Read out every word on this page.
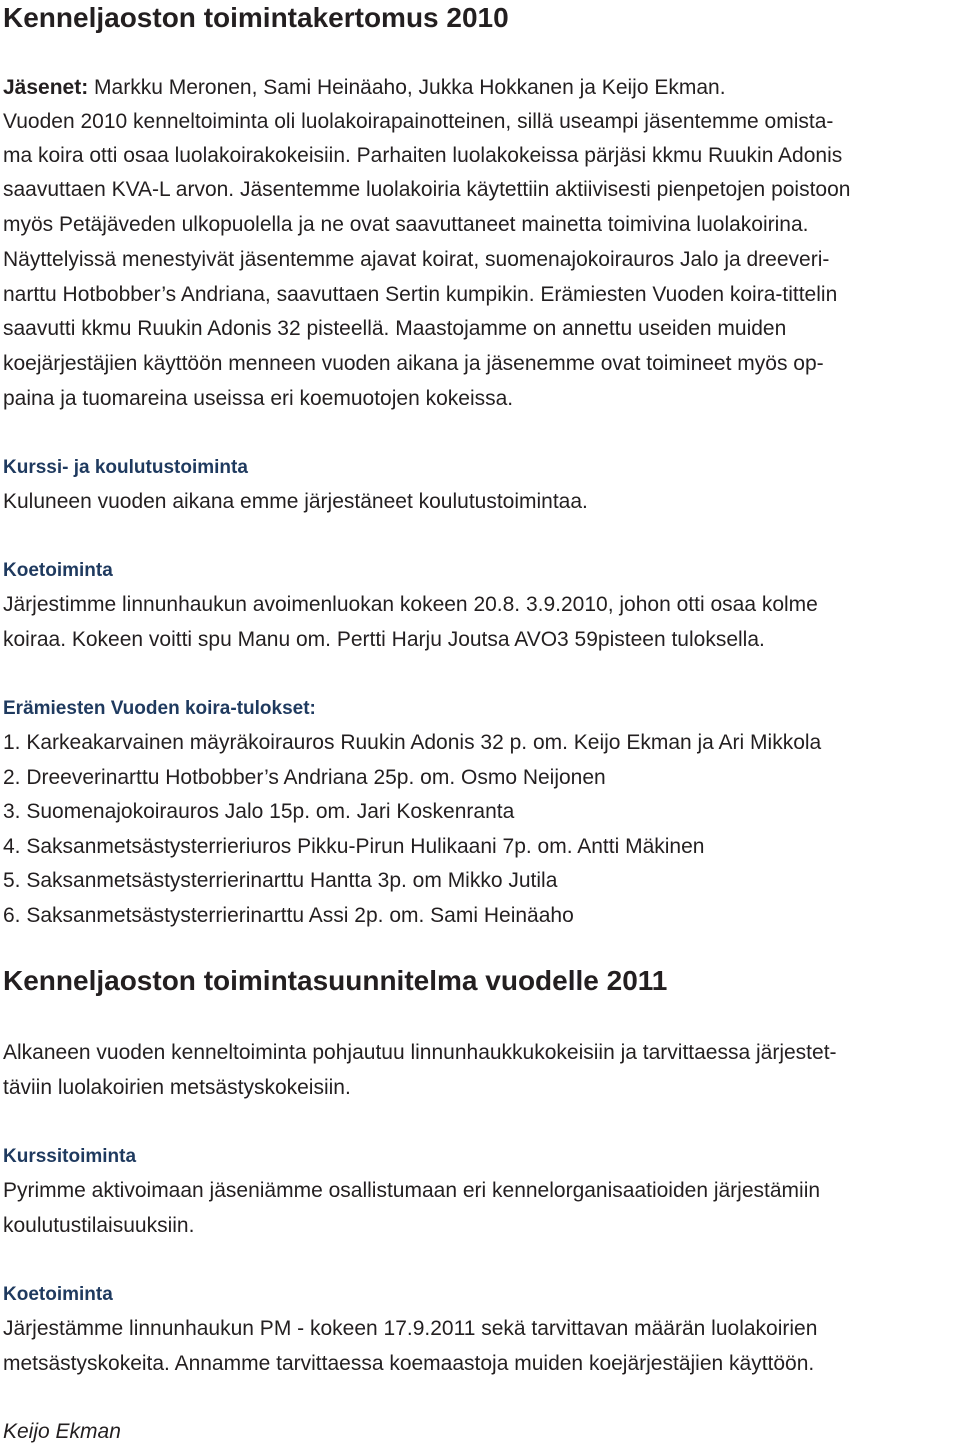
Kenneljaoston toimintakertomus 2010
Jäsenet: Markku Meronen, Sami Heinäaho, Jukka Hokkanen ja Keijo Ekman.
Vuoden 2010 kenneltoiminta oli luolakoirapainotteinen, sillä useampi jäsentemme omista-
ma koira otti osaa luolakoirakokeisiin. Parhaiten luolakokeissa pärjäsi kkmu Ruukin Adonis
saavuttaen KVA-L arvon. Jäsentemme luolakoiria käytettiin aktiivisesti pienpetojen poistoon
myös Petäjäveden ulkopuolella ja ne ovat saavuttaneet mainetta toimivina luolakoirina.
Näyttelyissä menestyivät jäsentemme ajavat koirat, suomenajokoirauros Jalo ja dreeveri-
narttu Hotbobber’s Andriana, saavuttaen Sertin kumpikin. Erämiesten Vuoden koira-tittelin
saavutti kkmu Ruukin Adonis 32 pisteellä. Maastojamme on annettu useiden muiden
koejärjestäjien käyttöön menneen vuoden aikana ja jäsenemme ovat toimineet myös op-
paina ja tuomareina useissa eri koemuotojen kokeissa.
Kurssi- ja koulutustoiminta
Kuluneen vuoden aikana emme järjestäneet koulutustoimintaa.
Koetoiminta
Järjestimme linnunhaukun avoimenluokan kokeen 20.8. 3.9.2010, johon otti osaa kolme
koiraa. Kokeen voitti spu Manu om. Pertti Harju Joutsa AVO3 59pisteen tuloksella.
Erämiesten Vuoden koira-tulokset:
1. Karkeakarvainen mäyräkoirauros Ruukin Adonis 32 p. om. Keijo Ekman ja Ari Mikkola
2. Dreeverinarttu Hotbobber’s Andriana 25p. om. Osmo Neijonen
3. Suomenajokoirauros Jalo 15p. om. Jari Koskenranta
4. Saksanmetsästysterrieriuros Pikku-Pirun Hulikaani 7p. om. Antti Mäkinen
5. Saksanmetsästysterrierinarttu Hantta 3p. om Mikko Jutila
6. Saksanmetsästysterrierinarttu Assi 2p. om. Sami Heinäaho
Kenneljaoston toimintasuunnitelma vuodelle 2011
Alkaneen vuoden kenneltoiminta pohjautuu linnunhaukkukokeisiin ja tarvittaessa järjestet-
täviin luolakoirien metsästyskokeisiin.
Kurssitoiminta
Pyrimme aktivoimaan jäseniämme osallistumaan eri kennelorganisaatioiden järjestämiin
koulutustilaisuuksiin.
Koetoiminta
Järjestämme linnunhaukun PM - kokeen 17.9.2011 sekä tarvittavan määrän luolakoirien
metsästyskokeita. Annamme tarvittaessa koemaastoja muiden koejärjestäjien käyttöön.
Keijo Ekman
